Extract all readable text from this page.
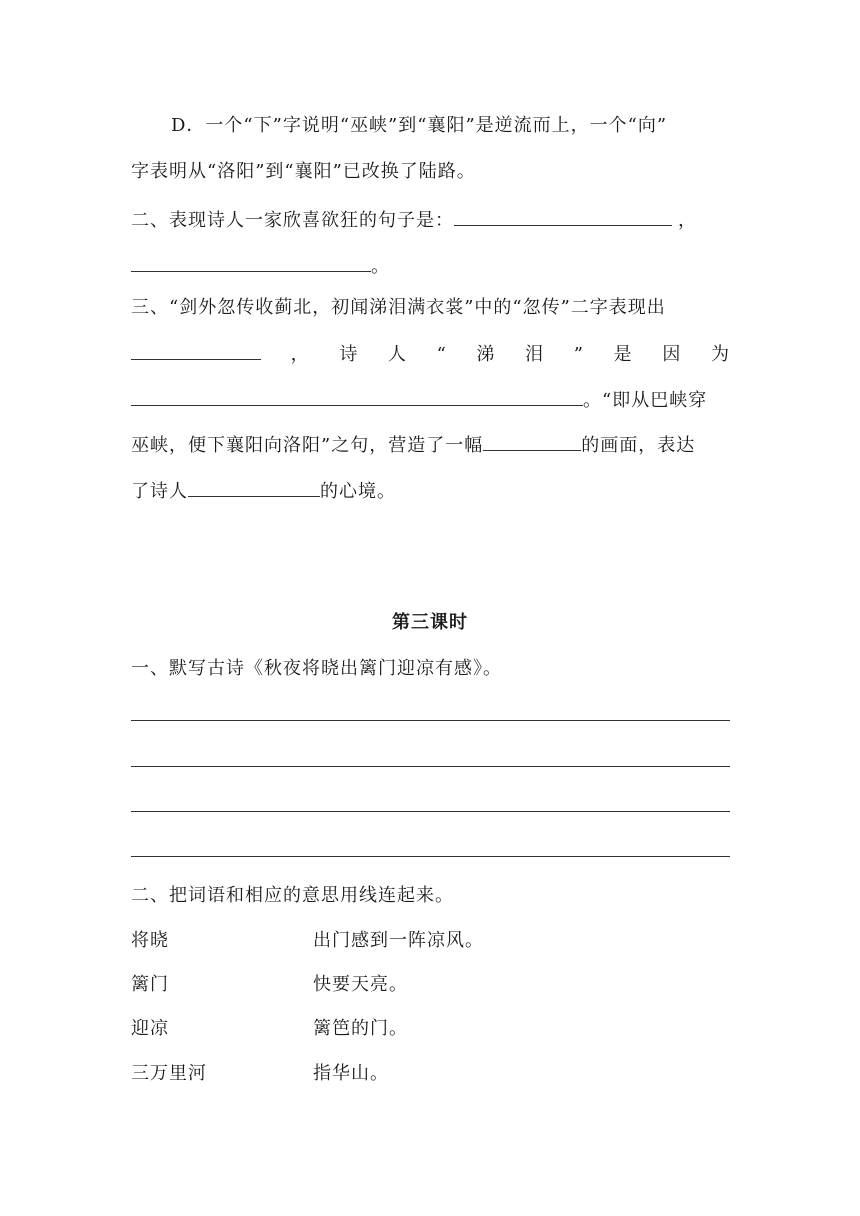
D．一个“下”字说明“巫峡”到“襄阳”是逆流而上，一个“向”
字表明从“洛阳”到“襄阳”已改换了陆路。
二、表现诗人一家欣喜欲狂的句子是：	，
。
三、“剑外忽传收蓟北，初闻涕泪满衣裳”中的“忽传”二字表现出
， 诗 人 “ 涕 泪 ” 是 因 为
。“即从巴峡穿
巫峡，便下襄阳向洛阳”之句，营造了一幅	的画面，表达
了诗人	的心境。
第三课时
一、默写古诗《秋夜将晓出篱门迎凉有感》。
二、把词语和相应的意思用线连起来。
将晓	出门感到一阵凉风。
篱门	快要天亮。
迎凉	篱笆的门。
三万里河	指华山。
